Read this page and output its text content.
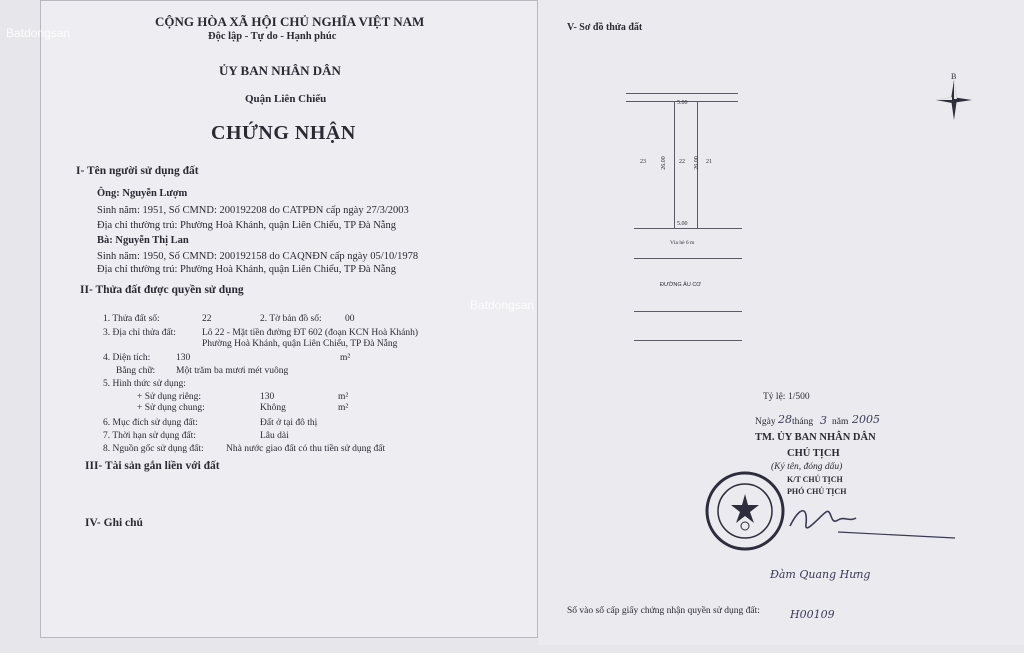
Batdongsan
CỘNG HÒA XÃ HỘI CHỦ NGHĨA VIỆT NAM
Độc lập - Tự do - Hạnh phúc
ỦY BAN NHÂN DÂN
Quận Liên Chiểu
CHỨNG NHẬN
I- Tên người sử dụng đất
Ông: Nguyễn Lượm
Sinh năm: 1951, Số CMND: 200192208 do CATPĐN cấp ngày 27/3/2003
Địa chỉ thường trú: Phường Hoà Khánh, quận Liên Chiểu, TP Đà Nẵng
Bà: Nguyễn Thị Lan
Sinh năm: 1950, Số CMND: 200192158 do CAQNĐN cấp ngày 05/10/1978
Địa chỉ thường trú: Phường Hoà Khánh, quận Liên Chiểu, TP Đà Nẵng
II- Thửa đất được quyền sử dụng
1. Thửa đất số:	22	2. Tờ bản đồ số: 00
3. Địa chỉ thửa đất:	Lô 22 - Mặt tiền đường ĐT 602 (đoạn KCN Hoà Khánh)
Phường Hoà Khánh, quận Liên Chiểu, TP Đà Nẵng
4. Diện tích:	130	m²
Bằng chữ: Một trăm ba mươi mét vuông
5. Hình thức sử dụng:
+ Sử dụng riêng:	130	m²
+ Sử dụng chung:	Không	m²
6. Mục đích sử dụng đất:	Đất ở tại đô thị
7. Thời hạn sử dụng đất:	Lâu dài
8. Nguồn gốc sử dụng đất: Nhà nước giao đất có thu tiền sử dụng đất
III- Tài sản gắn liền với đất
IV- Ghi chú
V- Sơ đồ thửa đất
Batdongsan
B
5.00
5.00
26.00	26.00
23	22	21
Vỉa hè 6 m
ĐƯỜNG ÂU CƠ
Tỷ lệ: 1/500
Ngày 28 tháng 3 năm 2005
TM. ỦY BAN NHÂN DÂN
CHỦ TỊCH
(Ký tên, đóng dấu)
K/T CHỦ TỊCH
PHÓ CHỦ TỊCH
Đàm Quang Hưng
Số vào sổ cấp giấy chứng nhận quyền sử dụng đất:	H00109
